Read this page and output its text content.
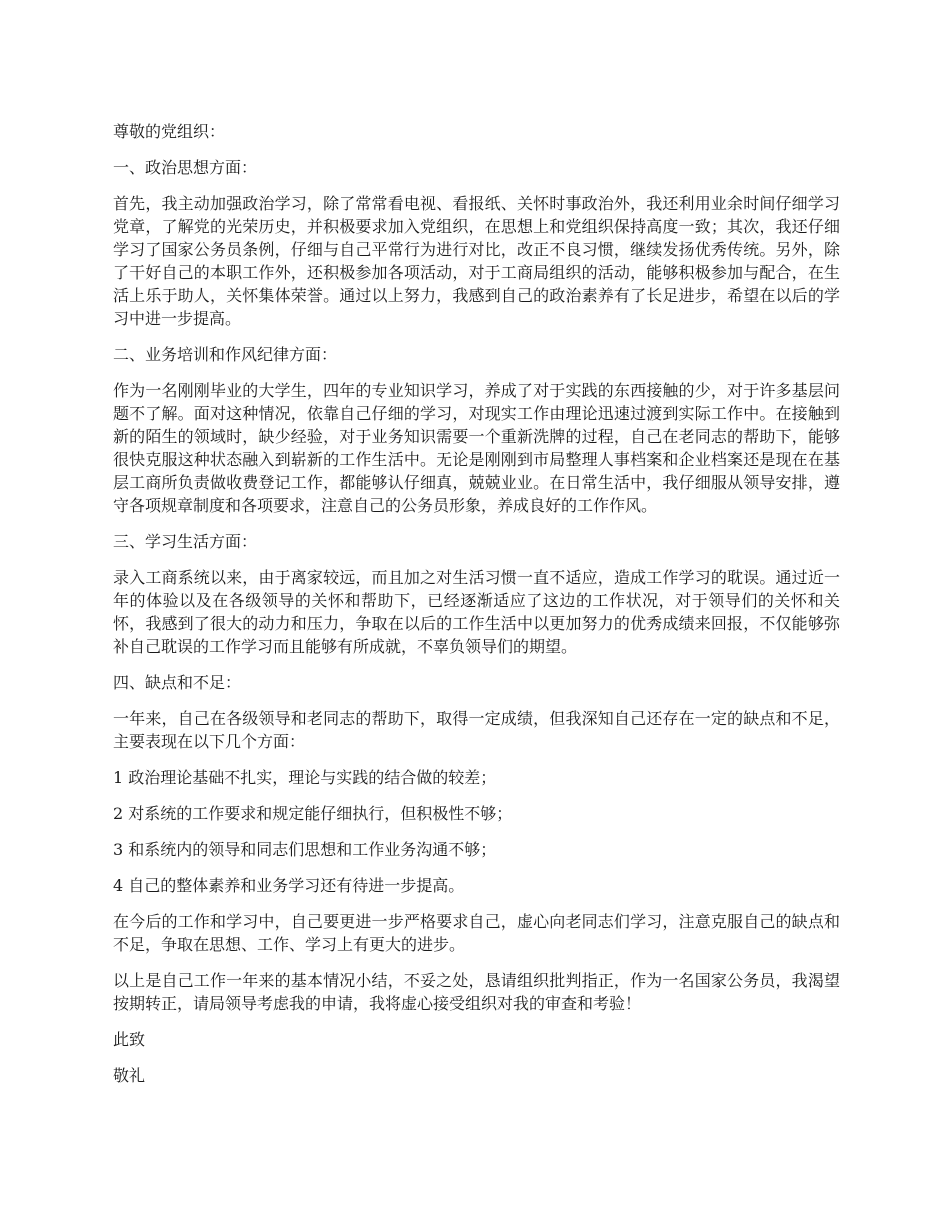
尊敬的党组织：

一、政治思想方面：

首先，我主动加强政治学习，除了常常看电视、看报纸、关怀时事政治外，我还利用业余时间仔细学习党章，了解党的光荣历史，并积极要求加入党组织，在思想上和党组织保持高度一致；其次，我还仔细学习了国家公务员条例，仔细与自己平常行为进行对比，改正不良习惯，继续发扬优秀传统。另外，除了干好自己的本职工作外，还积极参加各项活动，对于工商局组织的活动，能够积极参加与配合，在生活上乐于助人，关怀集体荣誉。通过以上努力，我感到自己的政治素养有了长足进步，希望在以后的学习中进一步提高。

二、业务培训和作风纪律方面：

作为一名刚刚毕业的大学生，四年的专业知识学习，养成了对于实践的东西接触的少，对于许多基层问题不了解。面对这种情况，依靠自己仔细的学习，对现实工作由理论迅速过渡到实际工作中。在接触到新的陌生的领域时，缺少经验，对于业务知识需要一个重新洗牌的过程，自己在老同志的帮助下，能够很快克服这种状态融入到崭新的工作生活中。无论是刚刚到市局整理人事档案和企业档案还是现在在基层工商所负责做收费登记工作，都能够认仔细真，兢兢业业。在日常生活中，我仔细服从领导安排，遵守各项规章制度和各项要求，注意自己的公务员形象，养成良好的工作作风。

三、学习生活方面：

录入工商系统以来，由于离家较远，而且加之对生活习惯一直不适应，造成工作学习的耽误。通过近一年的体验以及在各级领导的关怀和帮助下，已经逐渐适应了这边的工作状况，对于领导们的关怀和关怀，我感到了很大的动力和压力，争取在以后的工作生活中以更加努力的优秀成绩来回报，不仅能够弥补自己耽误的工作学习而且能够有所成就，不辜负领导们的期望。

四、缺点和不足：

一年来，自己在各级领导和老同志的帮助下，取得一定成绩，但我深知自己还存在一定的缺点和不足，主要表现在以下几个方面：

1 政治理论基础不扎实，理论与实践的结合做的较差；

2 对系统的工作要求和规定能仔细执行，但积极性不够；

3 和系统内的领导和同志们思想和工作业务沟通不够；

4 自己的整体素养和业务学习还有待进一步提高。

在今后的工作和学习中，自己要更进一步严格要求自己，虚心向老同志们学习，注意克服自己的缺点和不足，争取在思想、工作、学习上有更大的进步。

以上是自己工作一年来的基本情况小结，不妥之处，恳请组织批判指正，作为一名国家公务员，我渴望按期转正，请局领导考虑我的申请，我将虚心接受组织对我的审查和考验！

此致

敬礼
